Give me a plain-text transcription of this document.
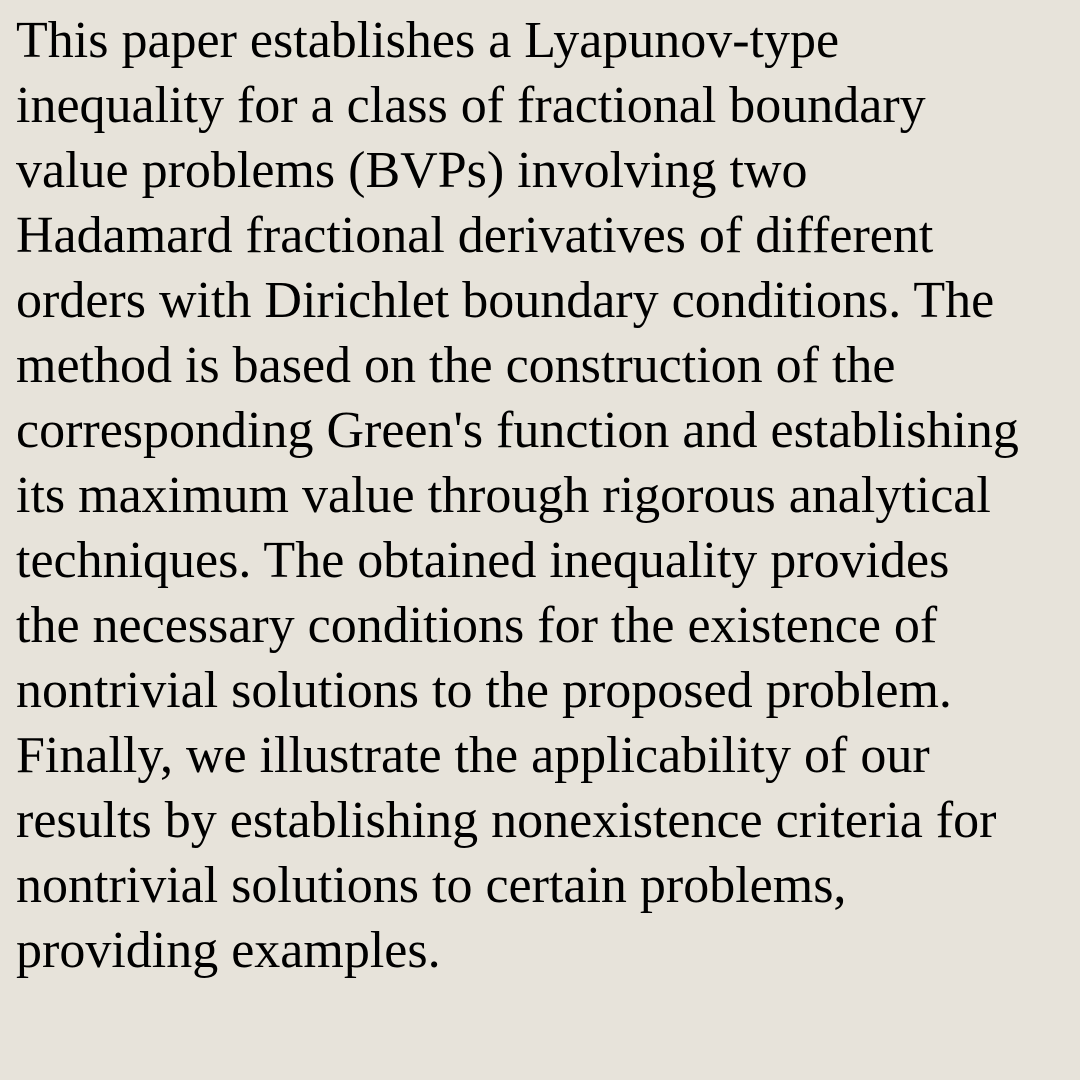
This paper establishes a Lyapunov-type
inequality for a class of fractional boundary
value problems (BVPs) involving two
Hadamard fractional derivatives of different
orders with Dirichlet boundary conditions. The
method is based on the construction of the
corresponding Green's function and establishing
its maximum value through rigorous analytical
techniques. The obtained inequality provides
the necessary conditions for the existence of
nontrivial solutions to the proposed problem.
Finally, we illustrate the applicability of our
results by establishing nonexistence criteria for
nontrivial solutions to certain problems,
providing examples.
